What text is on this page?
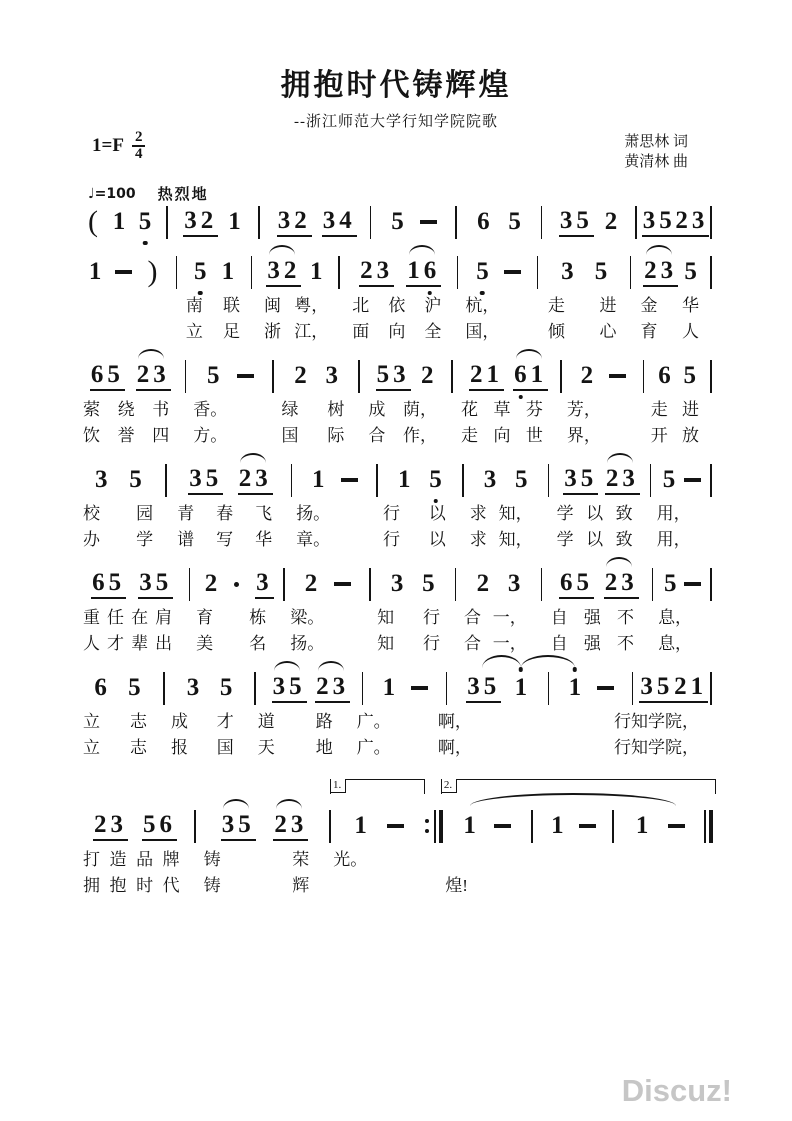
拥抱时代铸辉煌
--浙江师范大学行知学院院歌
$1=F \frac{2}{4}$	萧思林 词
黄清林 曲
♩=100 热烈地
( 1 5 32 1 32 34 5	6 5 35 2 35 23
1 ) 5 1 32 1 23 16 5	3 5 23 5
南 联 闽 粤， 北 依 沪 杭，	走 进 金 华
立 足 浙 江， 面 向 全 国，	倾 心 育 人
65 23 5	2 3 53 2 21 61 2 6 5
萦 绕 书 香。	绿 树 成 荫， 花 草 芬 芳，	走 进
饮 誉 四 方。	国 际 合 作， 走 向 世 界，	开 放
3 5 35 23 1	1 5 3 5 35 23 5
校 园 青 春 飞 扬。	行 以 求 知， 学 以 致 用，
办 学 谱 写 华 章。	行 以 求 知， 学 以 致 用，
65 35 2 3 2	3 5 2 3 65 23 5
重 任 在 肩 育 栋 梁。	知 行 合 一， 自 强 不 息，
人 才 辈 出 美 名 扬。	知 行 合 一， 自 强 不 息，
6 5 3 5 35 23 1	35 1 1 35 21
立 志 成 才 道 路 广。	啊，	行知 学院，
立 志 报 国 天 地 广。	啊，	行知 学院，
23 56 35 23 1	1	1	1
1.	2.
打 造 品 牌 铸	荣 光。
拥 抱 时 代 铸	辉	煌!
Discuz!
